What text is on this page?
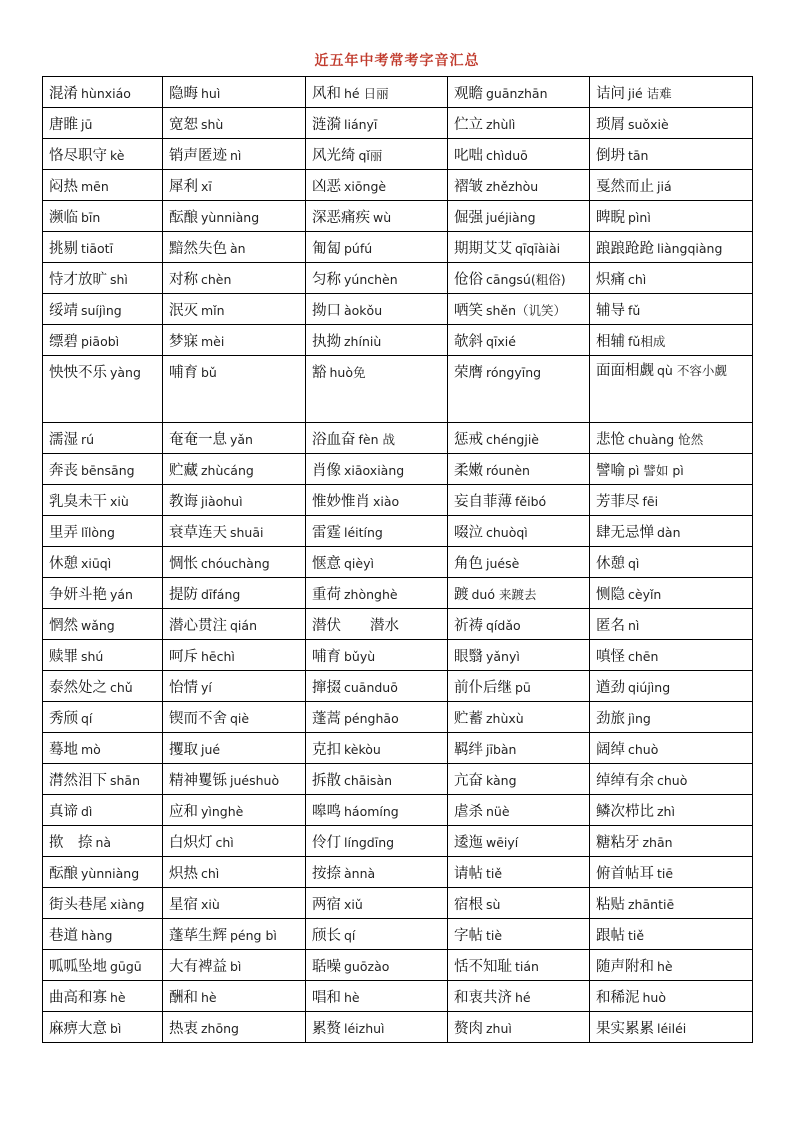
近五年中考常考字音汇总
混淆 hùnxiáo	隐晦 huì	风和 hé 日丽	观瞻 guānzhān	诘问 jié 诘难
唐睢 jū	宽恕 shù	涟漪 liányī	伫立 zhùlì	琐屑 suǒxiè
恪尽职守 kè	销声匿迹 nì	风光绮 qǐ丽	叱咄 chìduō	倒坍 tān
闷热 mēn	犀利 xī	凶恶 xiōngè	褶皱 zhězhòu	戛然而止 jiá
濒临 bīn	酝酿 yùnniàng	深恶痛疾 wù	倔强 juéjiàng	睥睨 pìnì
挑剔 tiāotī	黯然失色 àn	匍匐 púfú	期期艾艾 qīqīàiài	踉踉跄跄 liàngqiàng
恃才放旷 shì	对称 chèn	匀称 yúnchèn	伧俗 cāngsú(粗俗)	炽痛 chì
绥靖 suíjìng	泯灭 mǐn	拗口 àokǒu	哂笑 shěn（讥笑）	辅导 fǔ
缥碧 piāobì	梦寐 mèi	执拗 zhíniù	欹斜 qīxié	相辅 fǔ相成
怏怏不乐 yàng	哺育 bǔ	豁 huò免	荣膺 róngyīng	面面相觑 qù 不容小觑
濡湿 rú	奄奄一息 yǎn	浴血奋 fèn 战	惩戒 chéngjiè	悲怆 chuàng 怆然
奔丧 bēnsāng	贮藏 zhùcáng	肖像 xiāoxiàng	柔嫩 róunèn	譬喻 pì 譬如 pì
乳臭未干 xiù	教诲 jiàohuì	惟妙惟肖 xiào	妄自菲薄 fěibó	芳菲尽 fēi
里弄 lǐlòng	衰草连天 shuāi	雷霆 léitíng	啜泣 chuòqì	肆无忌惮 dàn
休憩 xiūqì	惆怅 chóuchàng	惬意 qièyì	角色 juésè	休憩 qì
争妍斗艳 yán	提防 dīfáng	重荷 zhònghè	踱 duó 来踱去	恻隐 cèyǐn
惘然 wǎng	潜心贯注 qián	潜伏　　潜水	祈祷 qídǎo	匿名 nì
赎罪 shú	呵斥 hēchì	哺育 bǔyù	眼翳 yǎnyì	嗔怪 chēn
泰然处之 chǔ	怡情 yí	撺掇 cuānduō	前仆后继 pū	遒劲 qiújìng
秀颀 qí	锲而不舍 qiè	蓬蒿 pénghāo	贮蓄 zhùxù	劲旅 jìng
蓦地 mò	攫取 jué	克扣 kèkòu	羁绊 jībàn	阔绰 chuò
潸然泪下 shān	精神矍铄 juéshuò	拆散 chāisàn	亢奋 kàng	绰绰有余 chuò
真谛 dì	应和 yìnghè	嗥鸣 háomíng	虐杀 nüè	鳞次栉比 zhì
揿　捺 nà	白炽灯 chì	伶仃 língdīng	逶迤 wēiyí	糖粘牙 zhān
酝酿 yùnniàng	炽热 chì	按捺 ànnà	请帖 tiě	俯首帖耳 tiē
街头巷尾 xiàng	星宿 xiù	两宿 xiǔ	宿根 sù	粘贴 zhāntiē
巷道 hàng	蓬荜生辉 péng bì	颀长 qí	字帖 tiè	跟帖 tiě
呱呱坠地 gūgū	大有裨益 bì	聒噪 guōzào	恬不知耻 tián	随声附和 hè
曲高和寡 hè	酬和 hè	唱和 hè	和衷共济 hé	和稀泥 huò
麻痹大意 bì	热衷 zhōng	累赘 léizhuì	赘肉 zhuì	果实累累 léiléi
